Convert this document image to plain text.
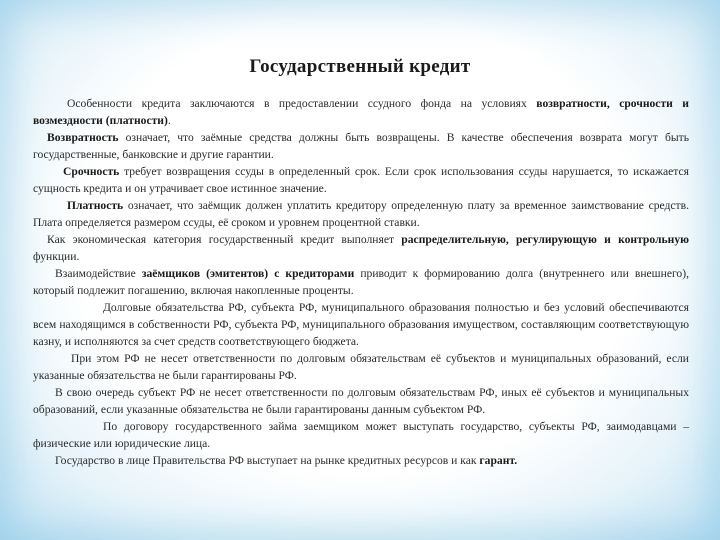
Государственный кредит

Особенности кредита заключаются в предоставлении ссудного фонда на условиях возвратности, срочности и возмездности (платности).

Возвратность означает, что заёмные средства должны быть возвращены. В качестве обеспечения возврата могут быть государственные, банковские и другие гарантии.

Срочность требует возвращения ссуды в определенный срок. Если срок использования ссуды нарушается, то искажается сущность кредита и он утрачивает свое истинное значение.

Платность означает, что заёмщик должен уплатить кредитору определенную плату за временное заимствование средств. Плата определяется размером ссуды, её сроком и уровнем процентной ставки.

Как экономическая категория государственный кредит выполняет распределительную, регулирующую и контрольную функции.

Взаимодействие заёмщиков (эмитентов) с кредиторами приводит к формированию долга (внутреннего или внешнего), который подлежит погашению, включая накопленные проценты.

Долговые обязательства РФ, субъекта РФ, муниципального образования полностью и без условий обеспечиваются всем находящимся в собственности РФ, субъекта РФ, муниципального образования имуществом, составляющим соответствующую казну, и исполняются за счет средств соответствующего бюджета.

При этом РФ не несет ответственности по долговым обязательствам её субъектов и муниципальных образований, если указанные обязательства не были гарантированы РФ.

В свою очередь субъект РФ не несет ответственности по долговым обязательствам РФ, иных её субъектов и муниципальных образований, если указанные обязательства не были гарантированы данным субъектом РФ.

По договору государственного займа заемщиком может выступать государство, субъекты РФ, заимодавцами – физические или юридические лица.

Государство в лице Правительства РФ выступает на рынке кредитных ресурсов и как гарант.
